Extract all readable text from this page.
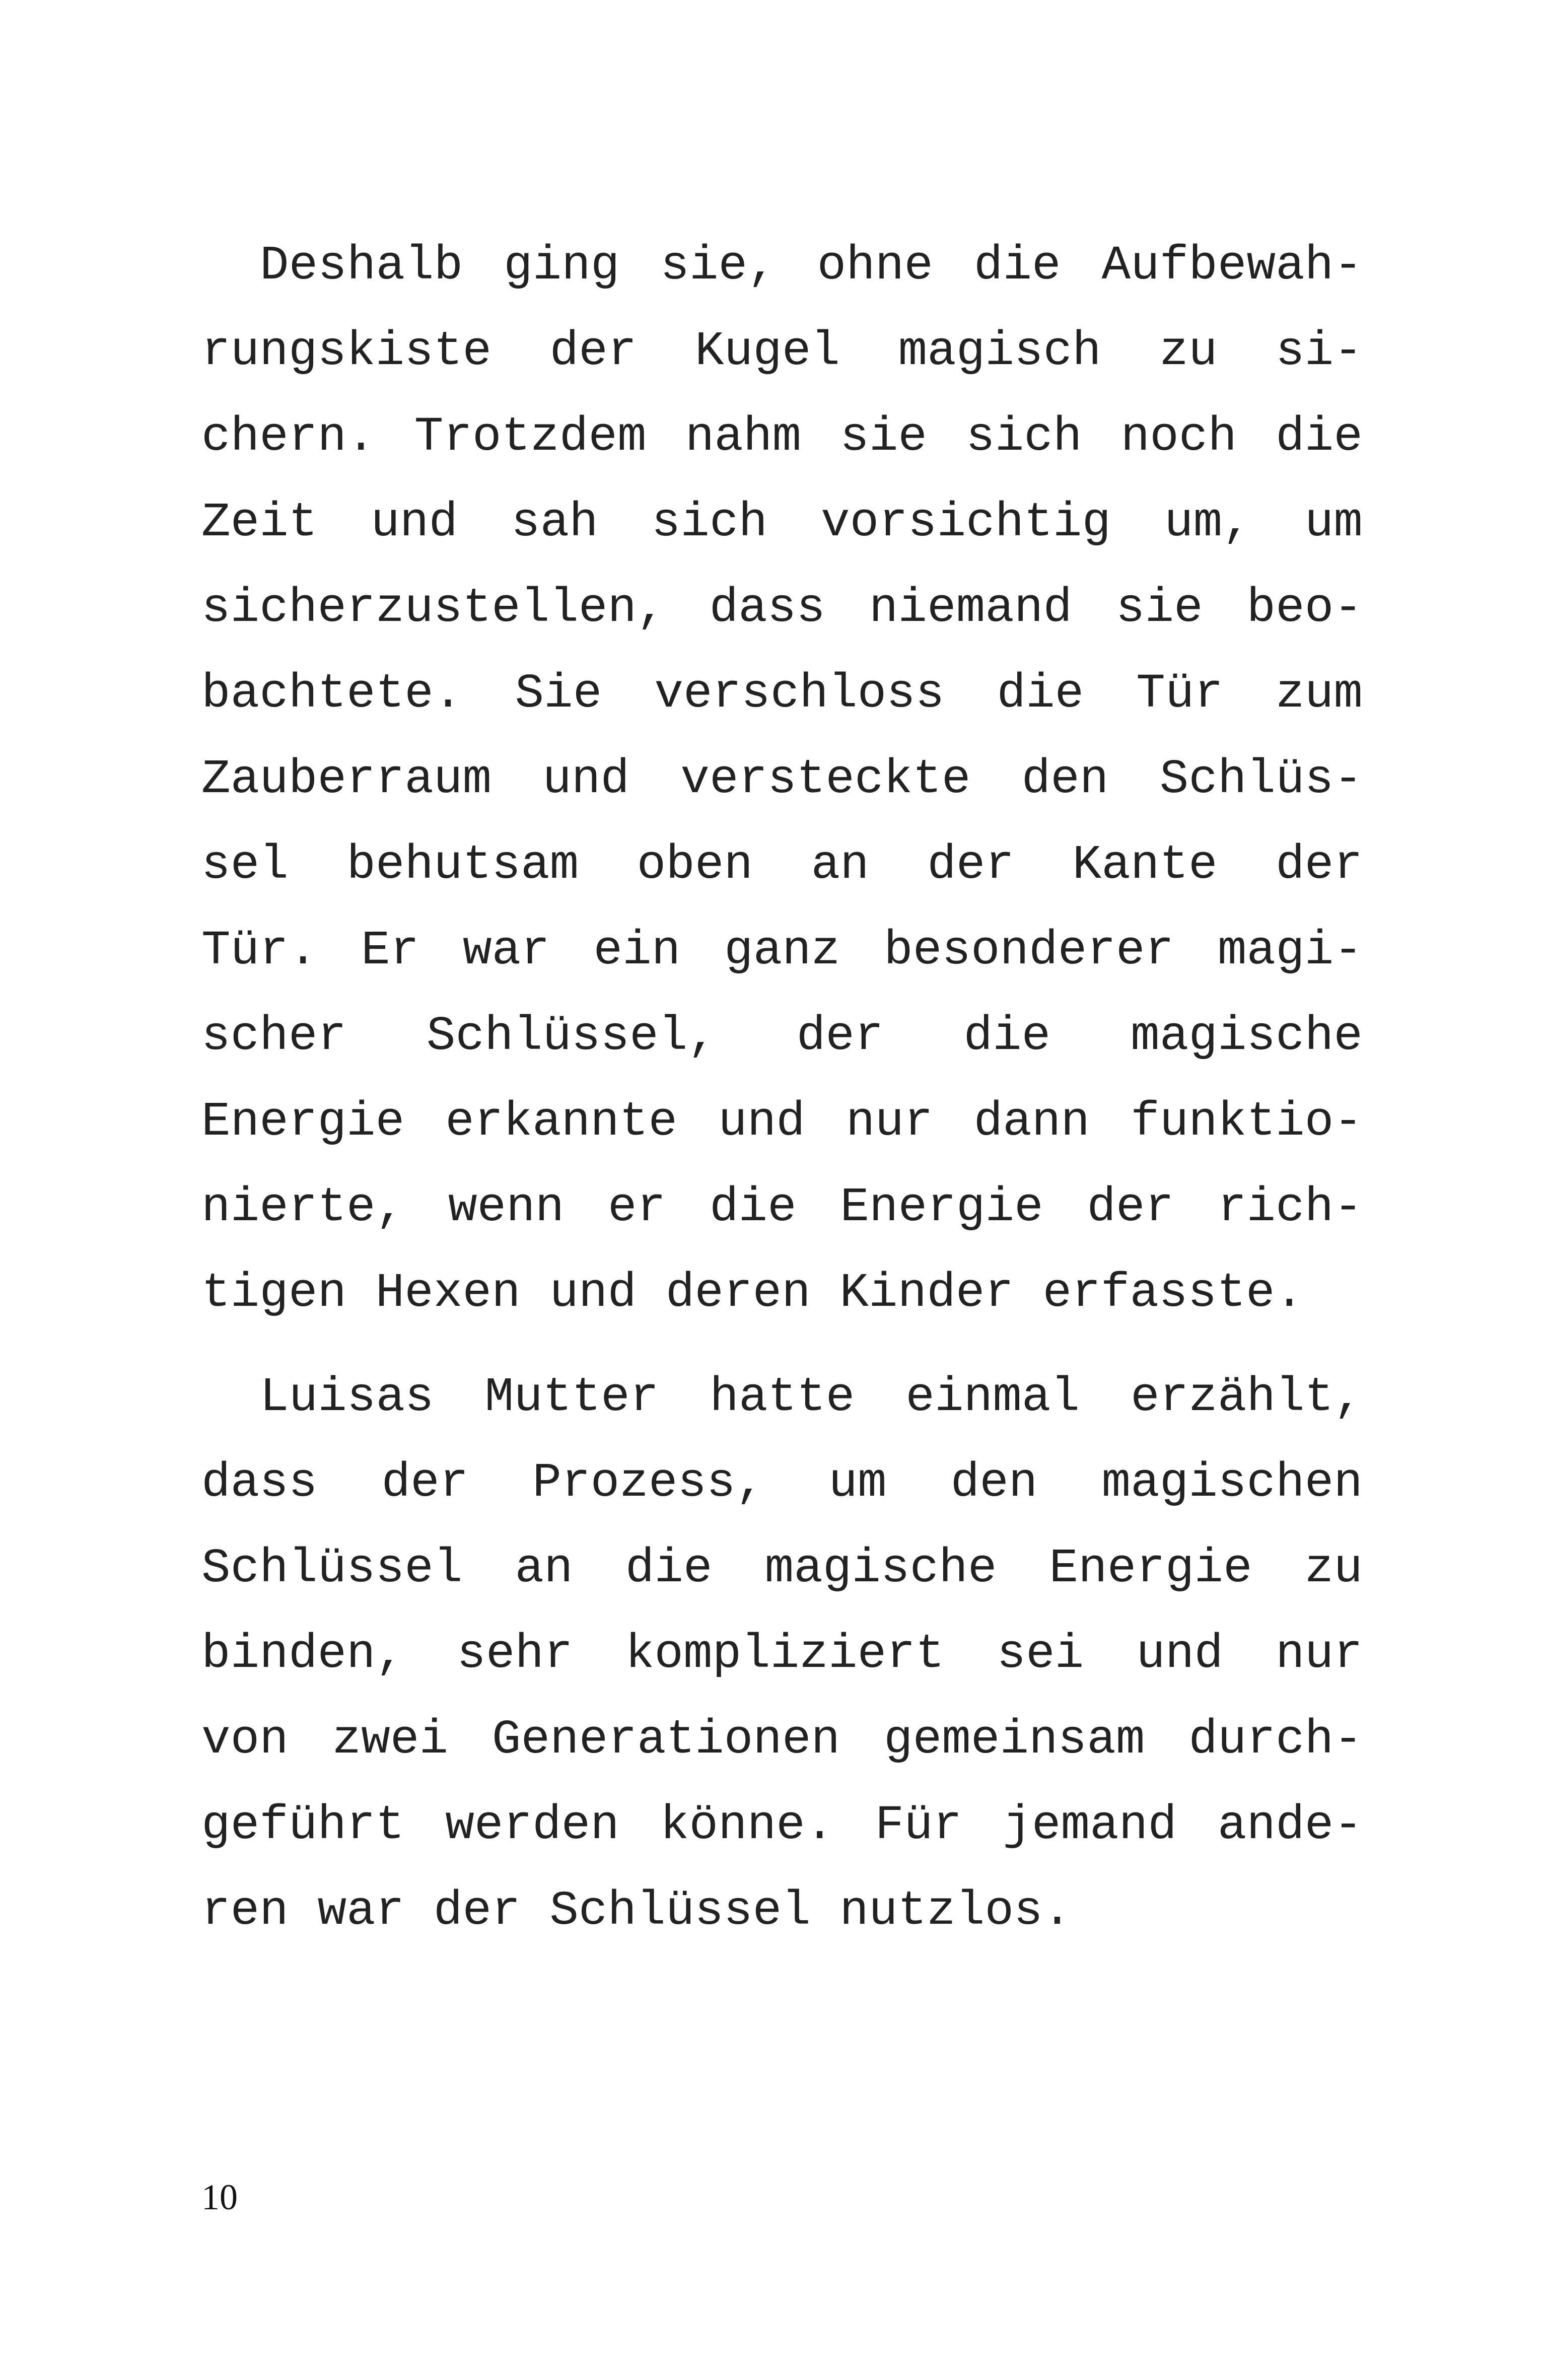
Deshalb ging sie, ohne die Aufbewah-
rungskiste der Kugel magisch zu si-
chern. Trotzdem nahm sie sich noch die
Zeit und sah sich vorsichtig um, um
sicherzustellen, dass niemand sie beo-
bachtete. Sie verschloss die Tür zum
Zauberraum und versteckte den Schlüs-
sel behutsam oben an der Kante der
Tür. Er war ein ganz besonderer magi-
scher Schlüssel, der die magische
Energie erkannte und nur dann funktio-
nierte, wenn er die Energie der rich-
tigen Hexen und deren Kinder erfasste.
Luisas Mutter hatte einmal erzählt,
dass der Prozess, um den magischen
Schlüssel an die magische Energie zu
binden, sehr kompliziert sei und nur
von zwei Generationen gemeinsam durch-
geführt werden könne. Für jemand ande-
ren war der Schlüssel nutzlos.
10
